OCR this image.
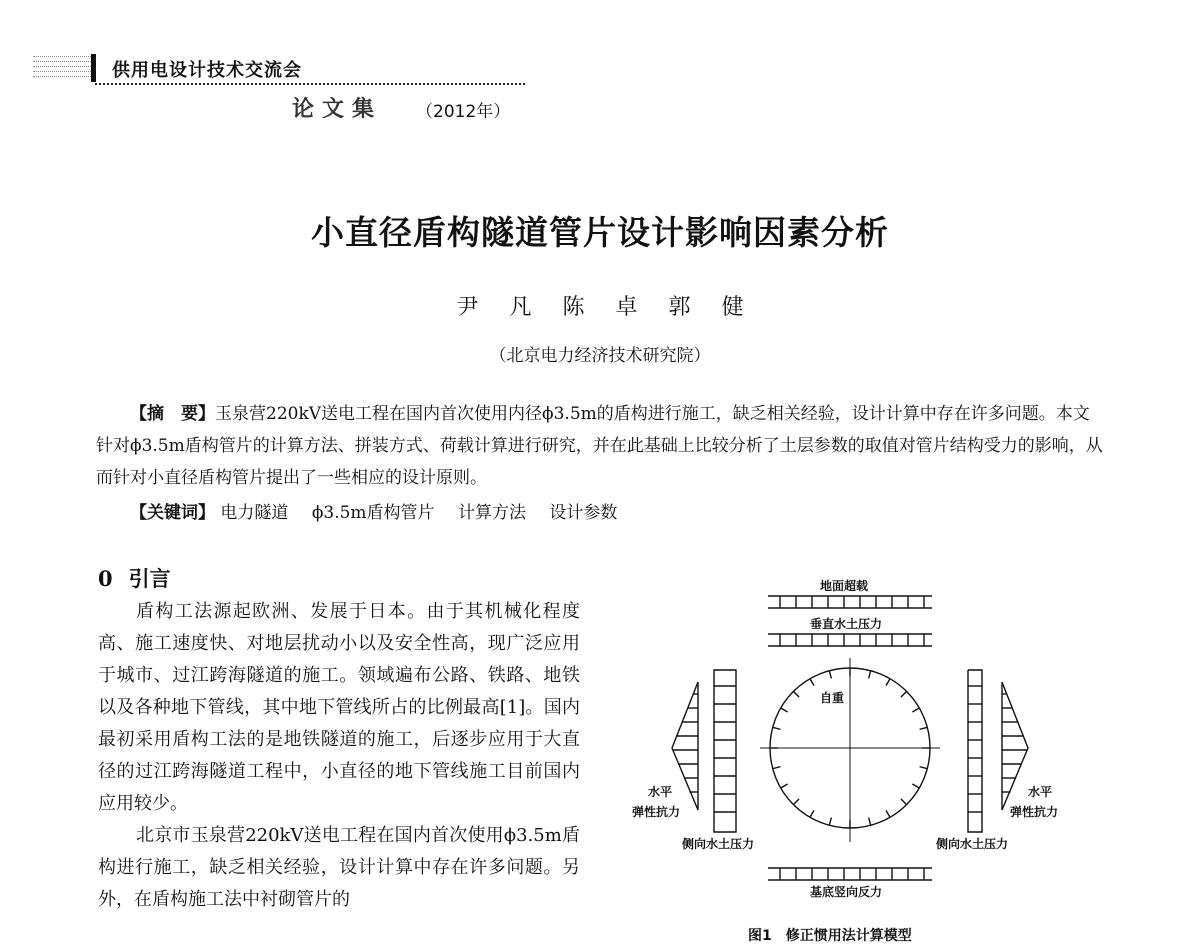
供用电设计技术交流会
论文集 （2012年）
小直径盾构隧道管片设计影响因素分析
尹 凡 陈 卓 郭 健
（北京电力经济技术研究院）
【摘　要】玉泉营220kV送电工程在国内首次使用内径ϕ3.5m的盾构进行施工，缺乏相关经验，设计计算中存在许多问题。本文针对ϕ3.5m盾构管片的计算方法、拼装方式、荷载计算进行研究，并在此基础上比较分析了土层参数的取值对管片结构受力的影响，从而针对小直径盾构管片提出了一些相应的设计原则。
【关键词】 电力隧道 ϕ3.5m盾构管片 计算方法 设计参数
0 引言

盾构工法源起欧洲、发展于日本。由于其机械化程度高、施工速度快、对地层扰动小以及安全性高，现广泛应用于城市、过江跨海隧道的施工。领域遍布公路、铁路、地铁以及各种地下管线，其中地下管线所占的比例最高[1]。国内最初采用盾构工法的是地铁隧道的施工，后逐步应用于大直径的过江跨海隧道工程中，小直径的地下管线施工目前国内应用较少。

北京市玉泉营220kV送电工程在国内首次使用ϕ3.5m盾构进行施工，缺乏相关经验，设计计算中存在许多问题。另外，在盾构施工法中衬砌管片的

地面超载
垂直水土压力
自重
水平
弹性抗力
水平
弹性抗力
侧向水土压力	侧向水土压力
基底竖向反力
图1　修正惯用法计算模型
